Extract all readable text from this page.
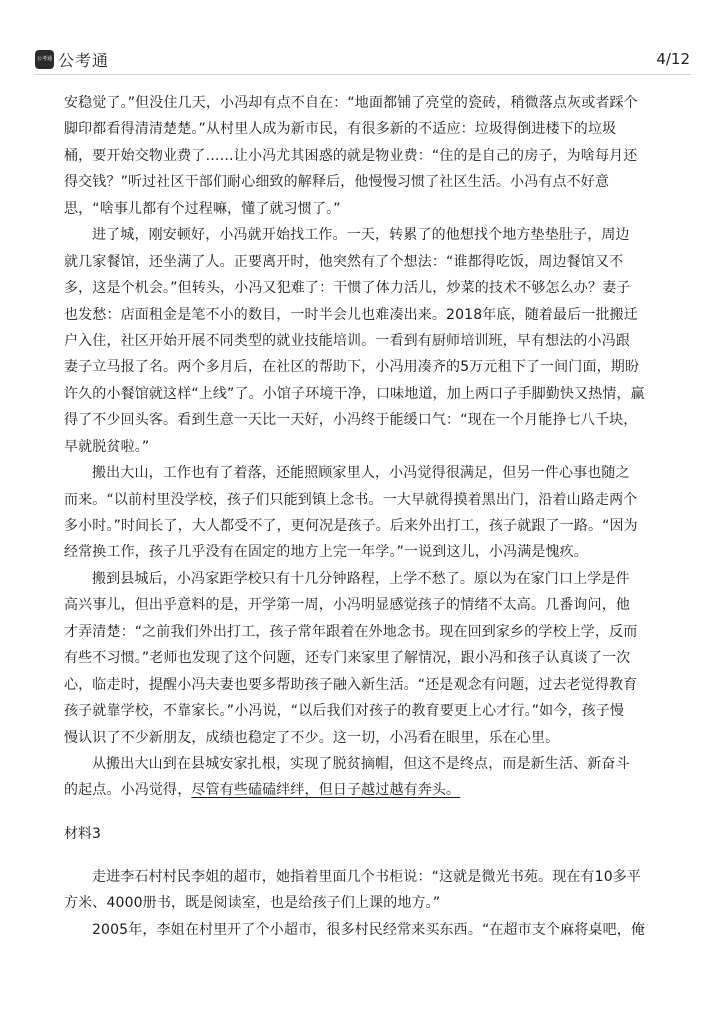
公考通 公考通	4/12
安稳觉了。”但没住几天，小冯却有点不自在：“地面都铺了亮堂的瓷砖，稍微落点灰或者踩个
脚印都看得清清楚楚。”从村里人成为新市民，有很多新的不适应：垃圾得倒进楼下的垃圾
桶，要开始交物业费了……让小冯尤其困惑的就是物业费：“住的是自己的房子，为啥每月还
得交钱？”听过社区干部们耐心细致的解释后，他慢慢习惯了社区生活。小冯有点不好意
思，“啥事儿都有个过程嘛，懂了就习惯了。”
进了城，刚安顿好，小冯就开始找工作。一天，转累了的他想找个地方垫垫肚子，周边
就几家餐馆，还坐满了人。正要离开时，他突然有了个想法：“谁都得吃饭，周边餐馆又不
多，这是个机会。”但转头，小冯又犯难了：干惯了体力活儿，炒菜的技术不够怎么办？妻子
也发愁：店面租金是笔不小的数目，一时半会儿也难凑出来。2018年底，随着最后一批搬迁
户入住，社区开始开展不同类型的就业技能培训。一看到有厨师培训班，早有想法的小冯跟
妻子立马报了名。两个多月后，在社区的帮助下，小冯用凑齐的5万元租下了一间门面，期盼
许久的小餐馆就这样“上线”了。小馆子环境干净，口味地道，加上两口子手脚勤快又热情，赢
得了不少回头客。看到生意一天比一天好，小冯终于能缓口气：“现在一个月能挣七八千块，
早就脱贫啦。”
搬出大山，工作也有了着落，还能照顾家里人，小冯觉得很满足，但另一件心事也随之
而来。“以前村里没学校，孩子们只能到镇上念书。一大早就得摸着黑出门，沿着山路走两个
多小时。”时间长了，大人都受不了，更何况是孩子。后来外出打工，孩子就跟了一路。“因为
经常换工作，孩子几乎没有在固定的地方上完一年学。”一说到这儿，小冯满是愧疚。
搬到县城后，小冯家距学校只有十几分钟路程，上学不愁了。原以为在家门口上学是件
高兴事儿，但出乎意料的是，开学第一周，小冯明显感觉孩子的情绪不太高。几番询问，他
才弄清楚：“之前我们外出打工，孩子常年跟着在外地念书。现在回到家乡的学校上学，反而
有些不习惯。”老师也发现了这个问题，还专门来家里了解情况，跟小冯和孩子认真谈了一次
心，临走时，提醒小冯夫妻也要多帮助孩子融入新生活。“还是观念有问题，过去老觉得教育
孩子就靠学校，不靠家长。”小冯说，“以后我们对孩子的教育要更上心才行。”如今，孩子慢
慢认识了不少新朋友，成绩也稳定了不少。这一切，小冯看在眼里，乐在心里。
从搬出大山到在县城安家扎根，实现了脱贫摘帽，但这不是终点，而是新生活、新奋斗
的起点。小冯觉得，尽管有些磕磕绊绊，但日子越过越有奔头。
材料3
走进李石村村民李姐的超市，她指着里面几个书柜说：“这就是微光书苑。现在有10多平
方米、4000册书，既是阅读室，也是给孩子们上课的地方。”
2005年，李姐在村里开了个小超市，很多村民经常来买东西。“在超市支个麻将桌吧，俺
